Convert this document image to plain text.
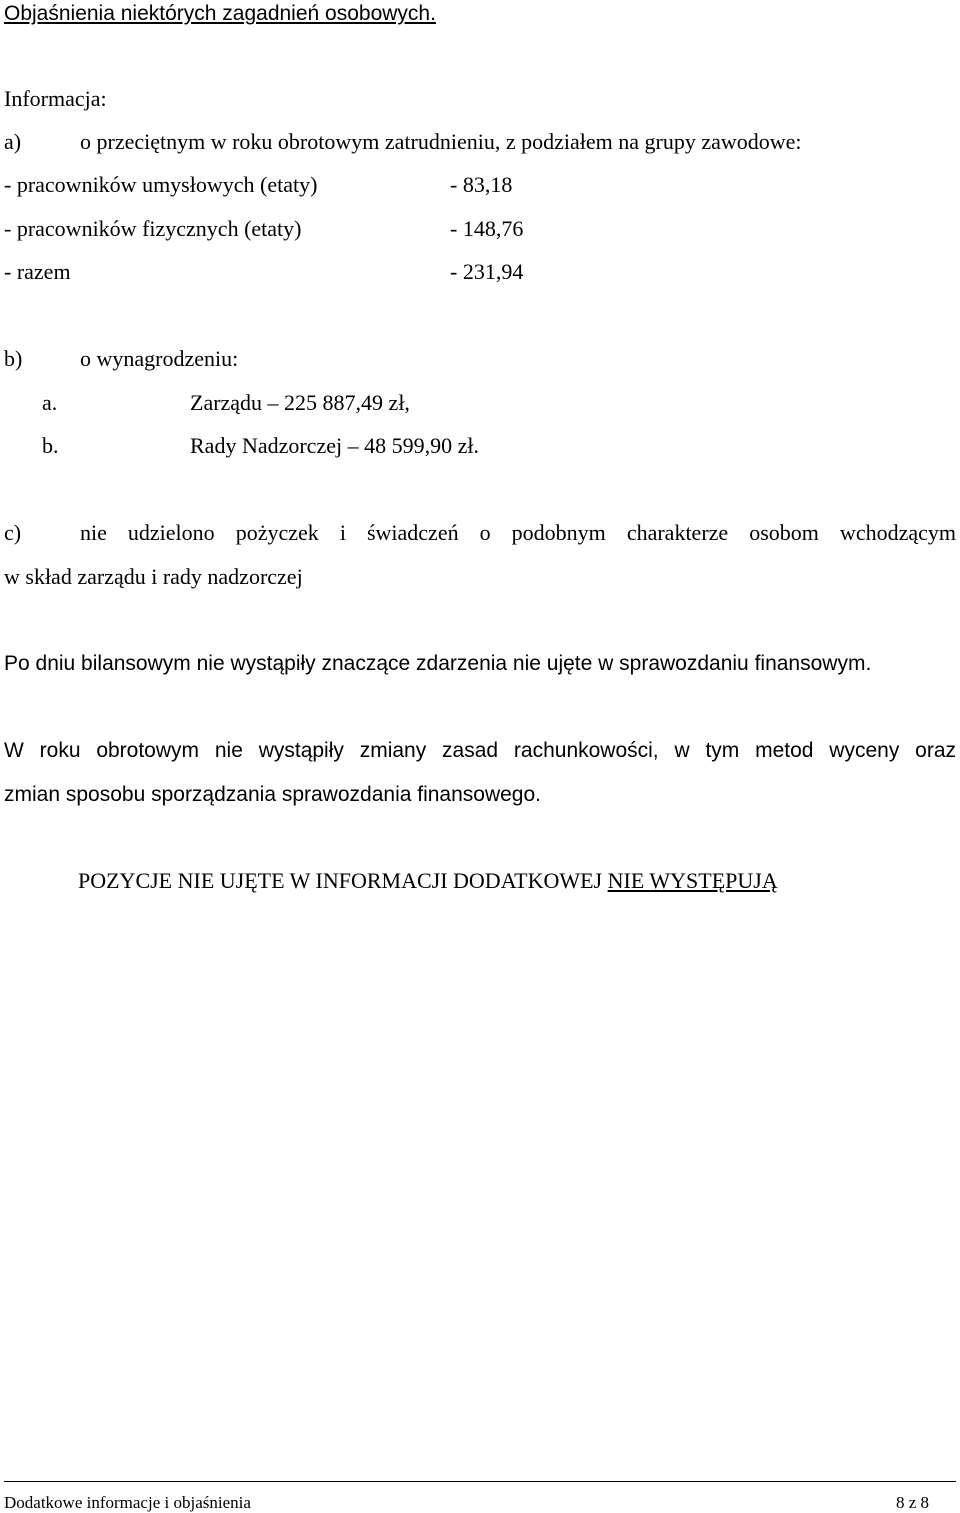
Objaśnienia niektórych zagadnień osobowych.
Informacja:
a)	o przeciętnym w roku obrotowym zatrudnieniu, z podziałem na grupy zawodowe:
- pracowników umysłowych (etaty)	- 83,18
- pracowników fizycznych (etaty)	- 148,76
- razem	- 231,94
b)	o wynagrodzeniu:
a.	Zarządu – 225 887,49 zł,
b.	Rady Nadzorczej – 48 599,90 zł.
c)	nie udzielono pożyczek i świadczeń o podobnym charakterze osobom wchodzącym
w skład zarządu i rady nadzorczej
Po dniu bilansowym nie wystąpiły znaczące zdarzenia nie ujęte w sprawozdaniu finansowym.
W roku obrotowym nie wystąpiły zmiany zasad rachunkowości, w tym metod wyceny oraz
zmian sposobu sporządzania sprawozdania finansowego.
POZYCJE NIE UJĘTE W INFORMACJI DODATKOWEJ NIE WYSTĘPUJĄ
Dodatkowe informacje i objaśnienia	8 z 8
